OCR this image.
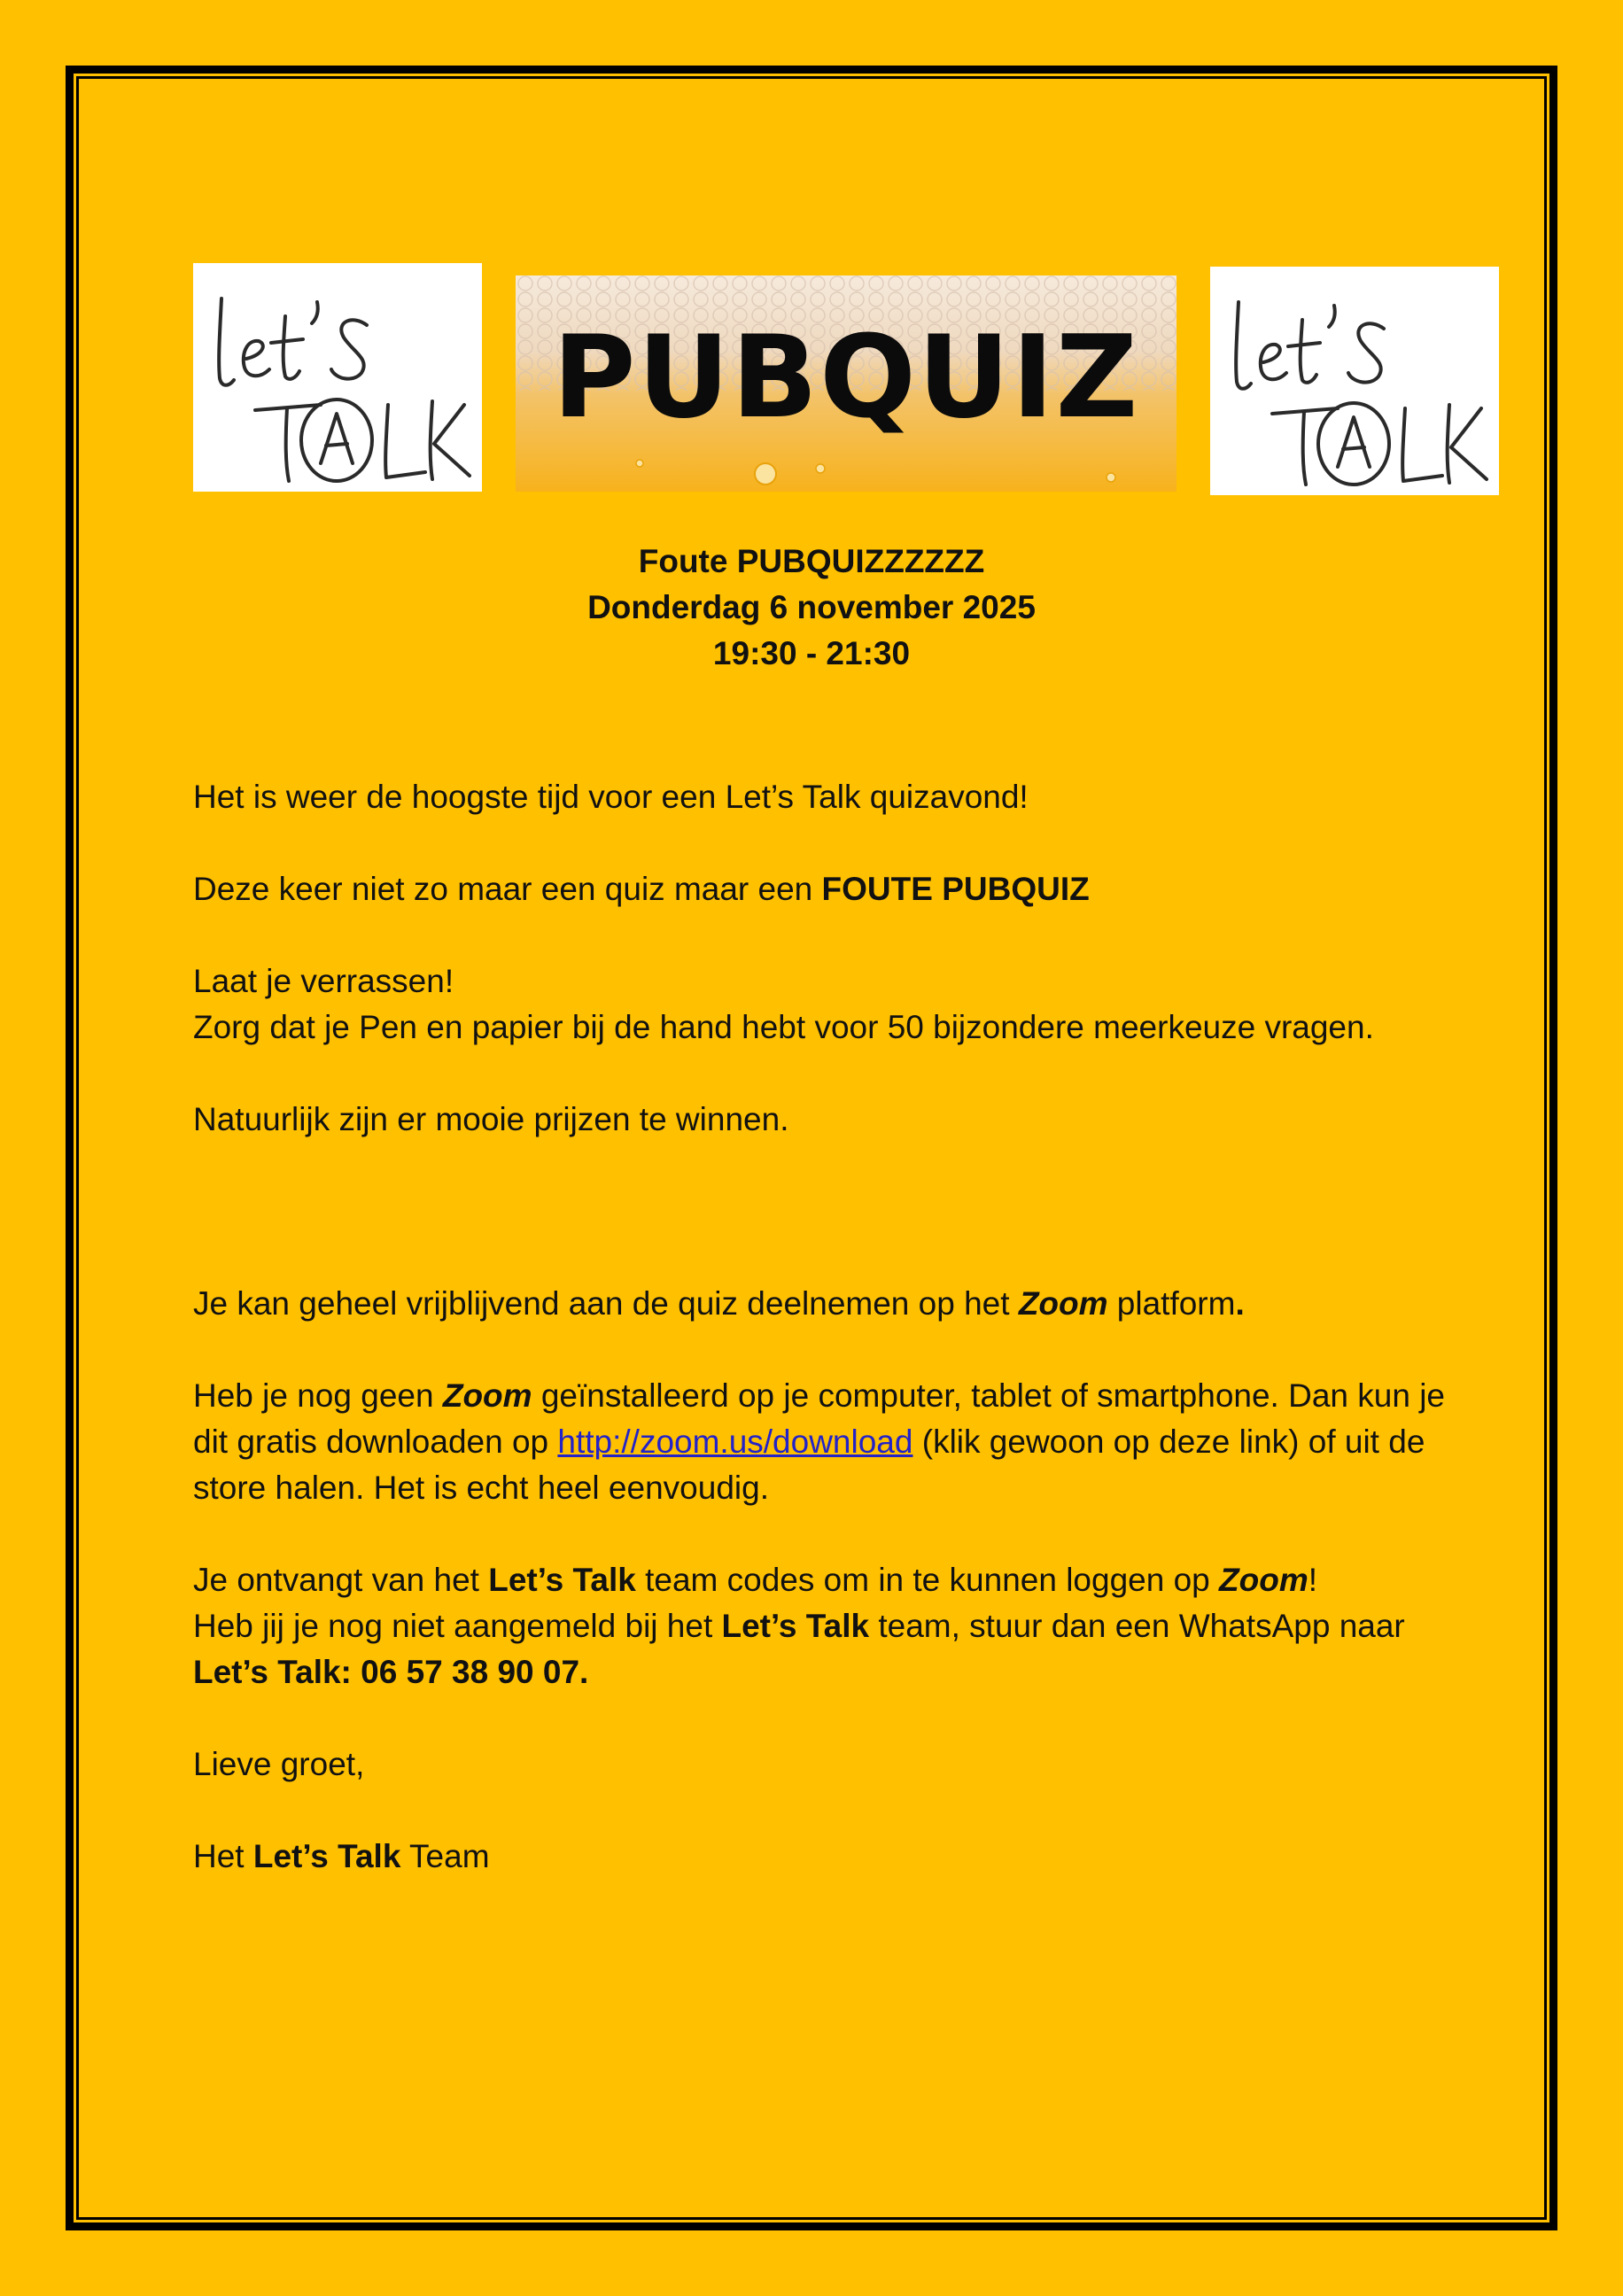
PUBQUIZ
Foute PUBQUIZZZZZZ
Donderdag 6 november 2025
19:30 - 21:30

Het is weer de hoogste tijd voor een Let’s Talk quizavond!

Deze keer niet zo maar een quiz maar een FOUTE PUBQUIZ

Laat je verrassen!

Zorg dat je Pen en papier bij de hand hebt voor 50 bijzondere meerkeuze vragen.

Natuurlijk zijn er mooie prijzen te winnen.

Je kan geheel vrijblijvend aan de quiz deelnemen op het Zoom platform.

Heb je nog geen Zoom geïnstalleerd op je computer, tablet of smartphone. Dan kun je dit gratis downloaden op http://zoom.us/download (klik gewoon op deze link) of uit de store halen. Het is echt heel eenvoudig.

Je ontvangt van het Let’s Talk team codes om in te kunnen loggen op Zoom!
Heb jij je nog niet aangemeld bij het Let’s Talk team, stuur dan een WhatsApp naar Let’s Talk: 06 57 38 90 07.

Lieve groet,

Het Let’s Talk Team
